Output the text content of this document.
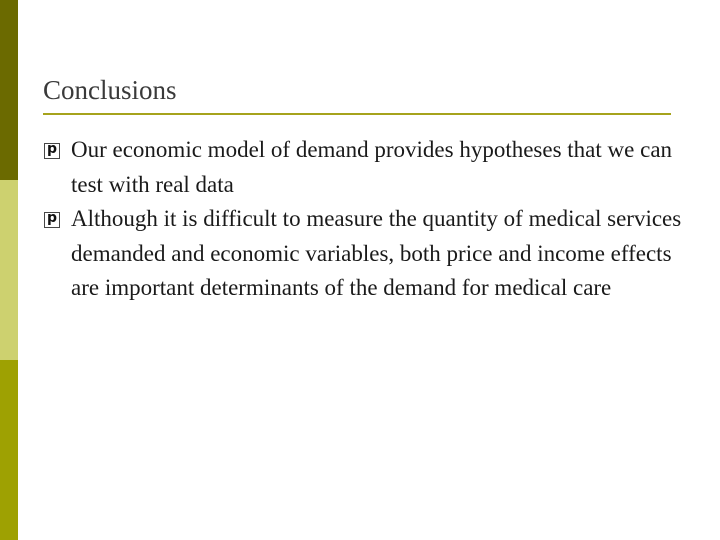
Conclusions
p Our economic model of demand provides hypotheses that we can test with real data
p Although it is difficult to measure the quantity of medical services demanded and economic variables, both price and income effects are important determinants of the demand for medical care
